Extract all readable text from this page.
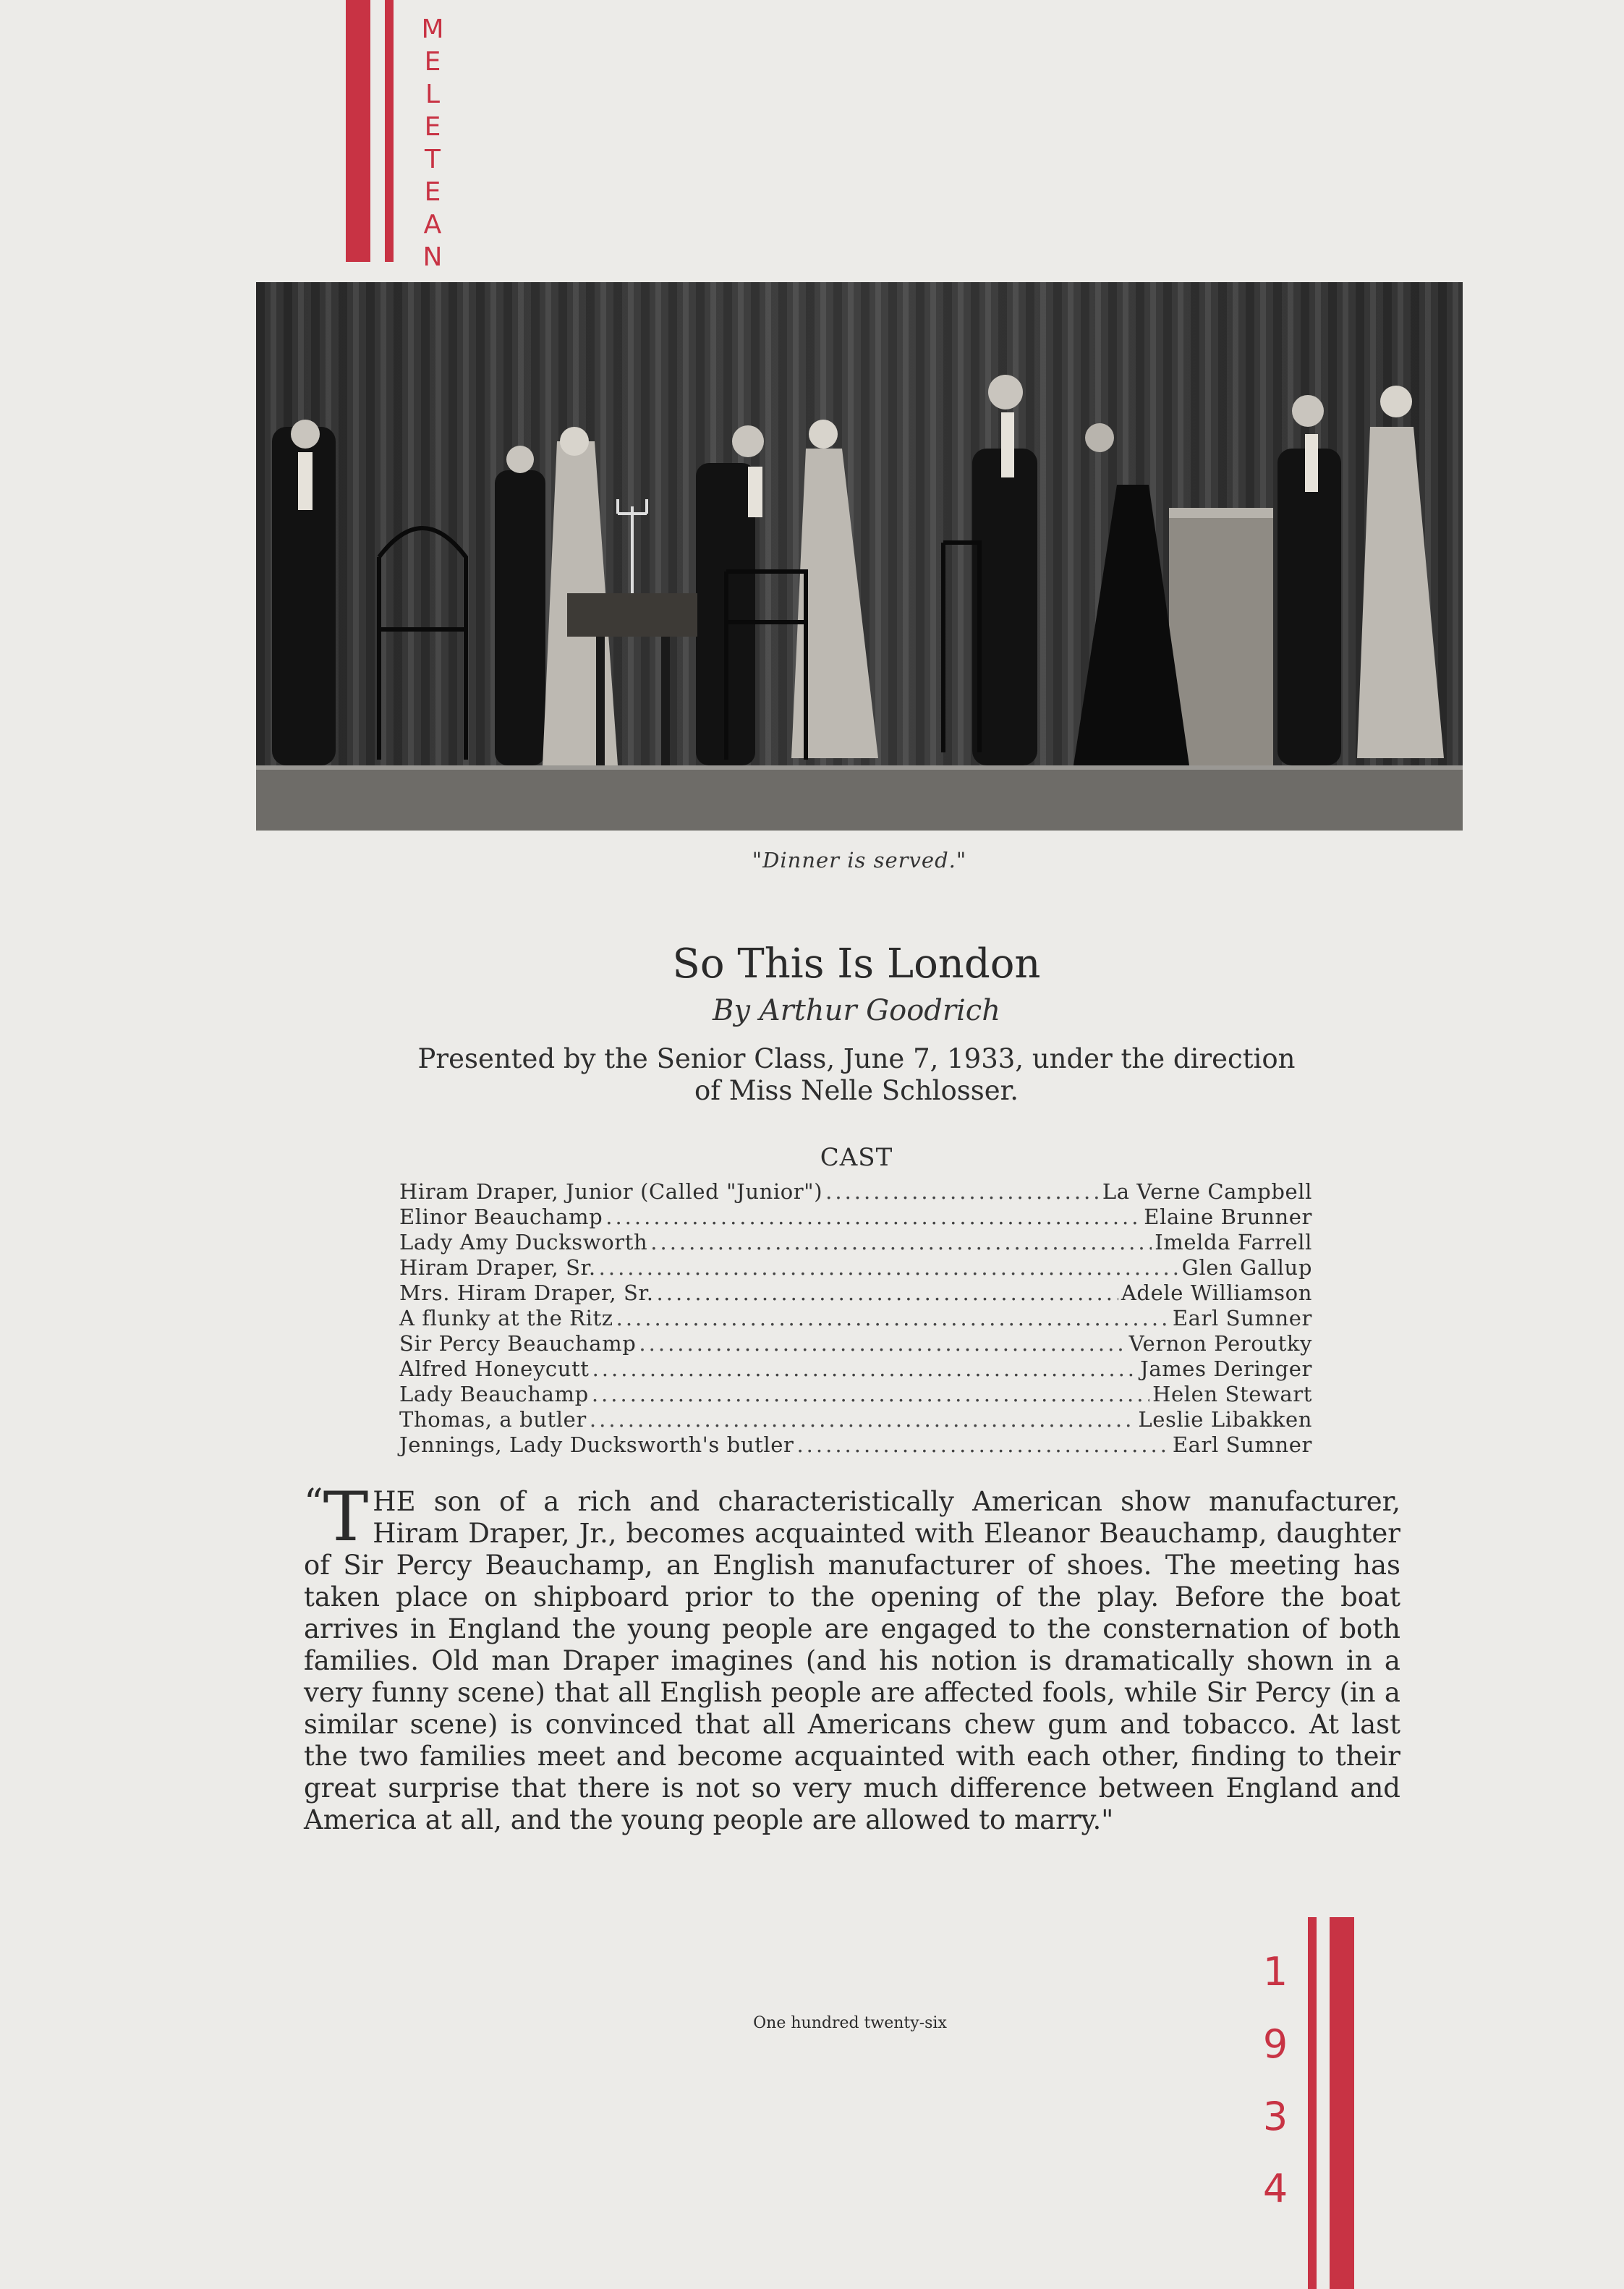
M
E
L
E
T
E
A
N
"Dinner is served."
So This Is London
By Arthur Goodrich
Presented by the Senior Class, June 7, 1933, under the direction of Miss Nelle Schlosser.
CAST
Hiram Draper, Junior (Called "Junior") .....	La Verne Campbell
Elinor Beauchamp .....	Elaine Brunner
Lady Amy Ducksworth .....	Imelda Farrell
Hiram Draper, Sr. .....	Glen Gallup
Mrs. Hiram Draper, Sr. .....	Adele Williamson
A flunky at the Ritz .....	Earl Sumner
Sir Percy Beauchamp .....	Vernon Peroutky
Alfred Honeycutt .....	James Deringer
Lady Beauchamp .....	Helen Stewart
Thomas, a butler .....	Leslie Libakken
Jennings, Lady Ducksworth's butler .....	Earl Sumner
“T HE son of a rich and characteristically American show manufacturer, Hiram Draper, Jr., becomes acquainted with Eleanor Beauchamp, daughter of Sir Percy Beauchamp, an English manufacturer of shoes. The meeting has taken place on shipboard prior to the opening of the play. Before the boat arrives in England the young people are engaged to the consternation of both families. Old man Draper imagines (and his notion is dramatically shown in a very funny scene) that all English people are affected fools, while Sir Percy (in a similar scene) is convinced that all Americans chew gum and tobacco. At last the two families meet and become acquainted with each other, finding to their great surprise that there is not so very much difference between England and America at all, and the young people are allowed to marry."
One hundred twenty-six
1
9
3
4
